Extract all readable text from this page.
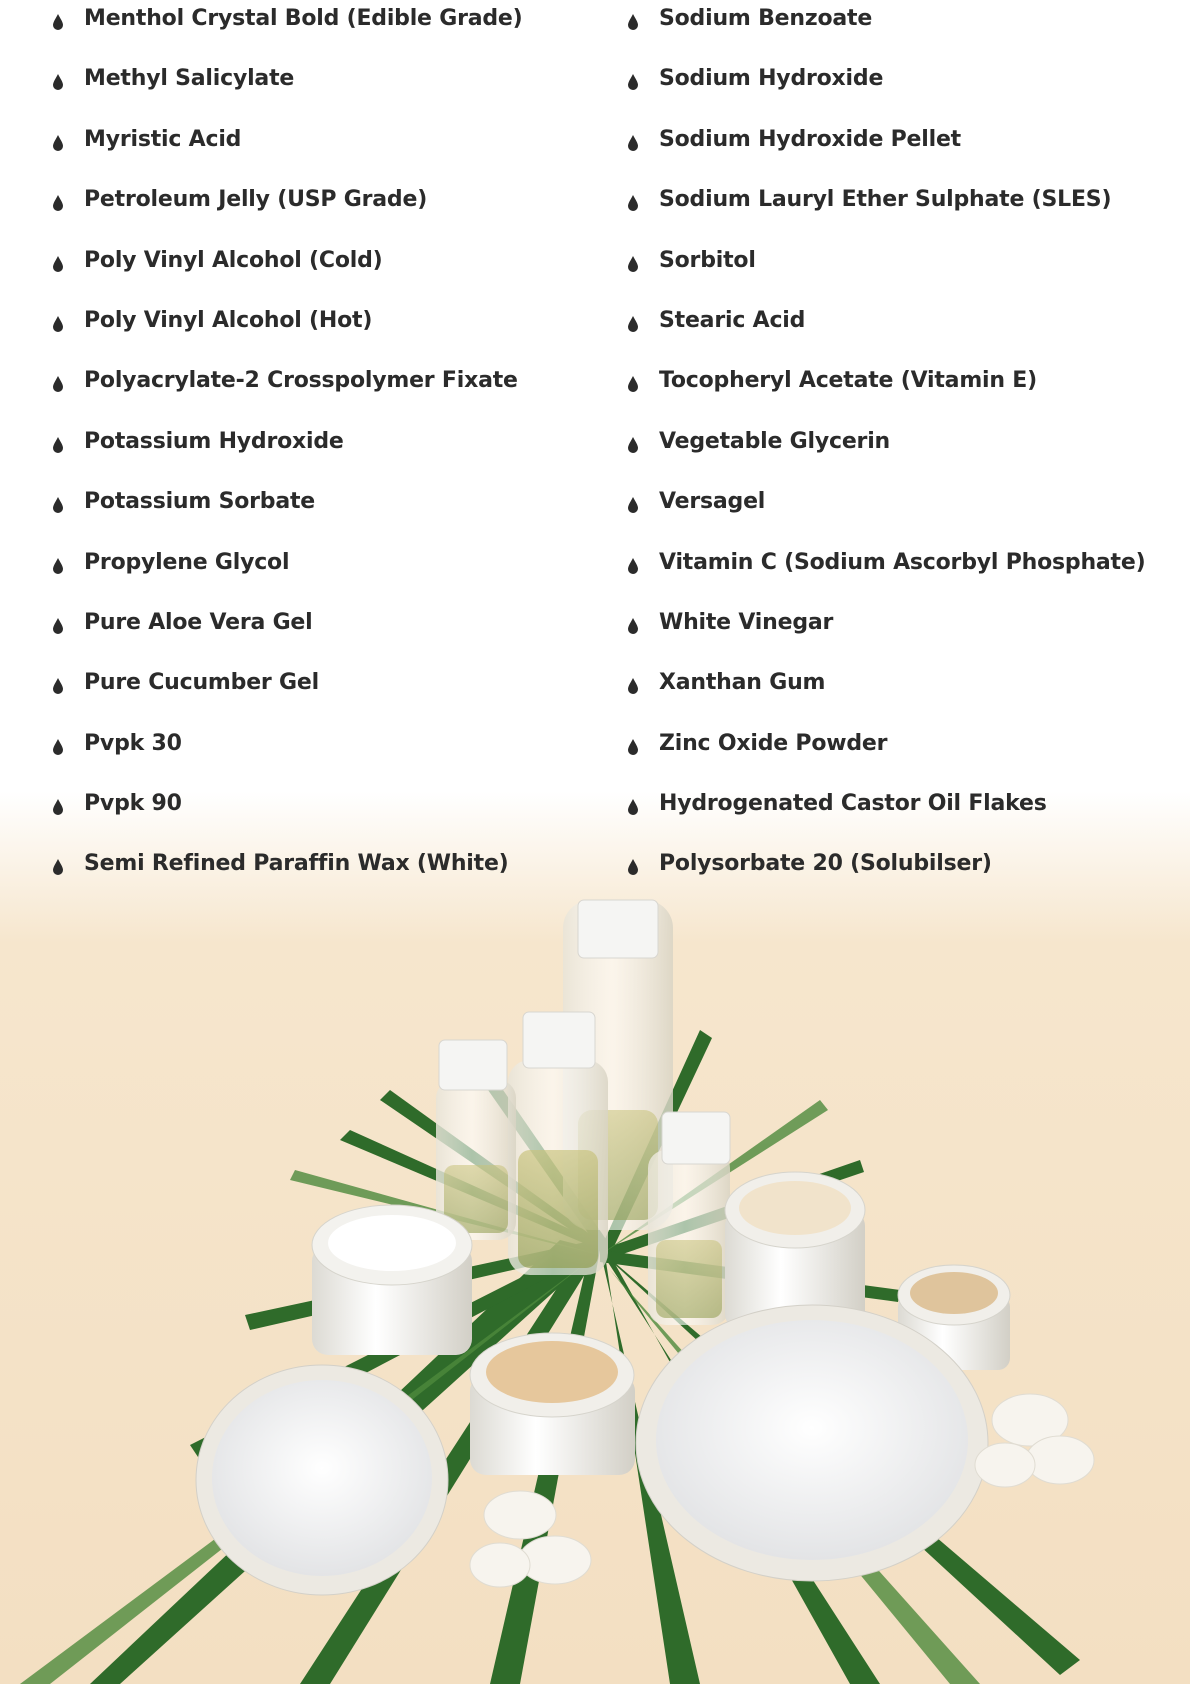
Menthol Crystal Bold (Edible Grade)
Methyl Salicylate
Myristic Acid
Petroleum Jelly (USP Grade)
Poly Vinyl Alcohol (Cold)
Poly Vinyl Alcohol (Hot)
Polyacrylate-2 Crosspolymer Fixate
Potassium Hydroxide
Potassium Sorbate
Propylene Glycol
Pure Aloe Vera Gel
Pure Cucumber Gel
Pvpk 30
Pvpk 90
Semi Refined Paraffin Wax (White)
Sodium Benzoate
Sodium Hydroxide
Sodium Hydroxide Pellet
Sodium Lauryl Ether Sulphate (SLES)
Sorbitol
Stearic Acid
Tocopheryl Acetate (Vitamin E)
Vegetable Glycerin
Versagel
Vitamin C (Sodium Ascorbyl Phosphate)
White Vinegar
Xanthan Gum
Zinc Oxide Powder
Hydrogenated Castor Oil Flakes
Polysorbate 20 (Solubilser)
